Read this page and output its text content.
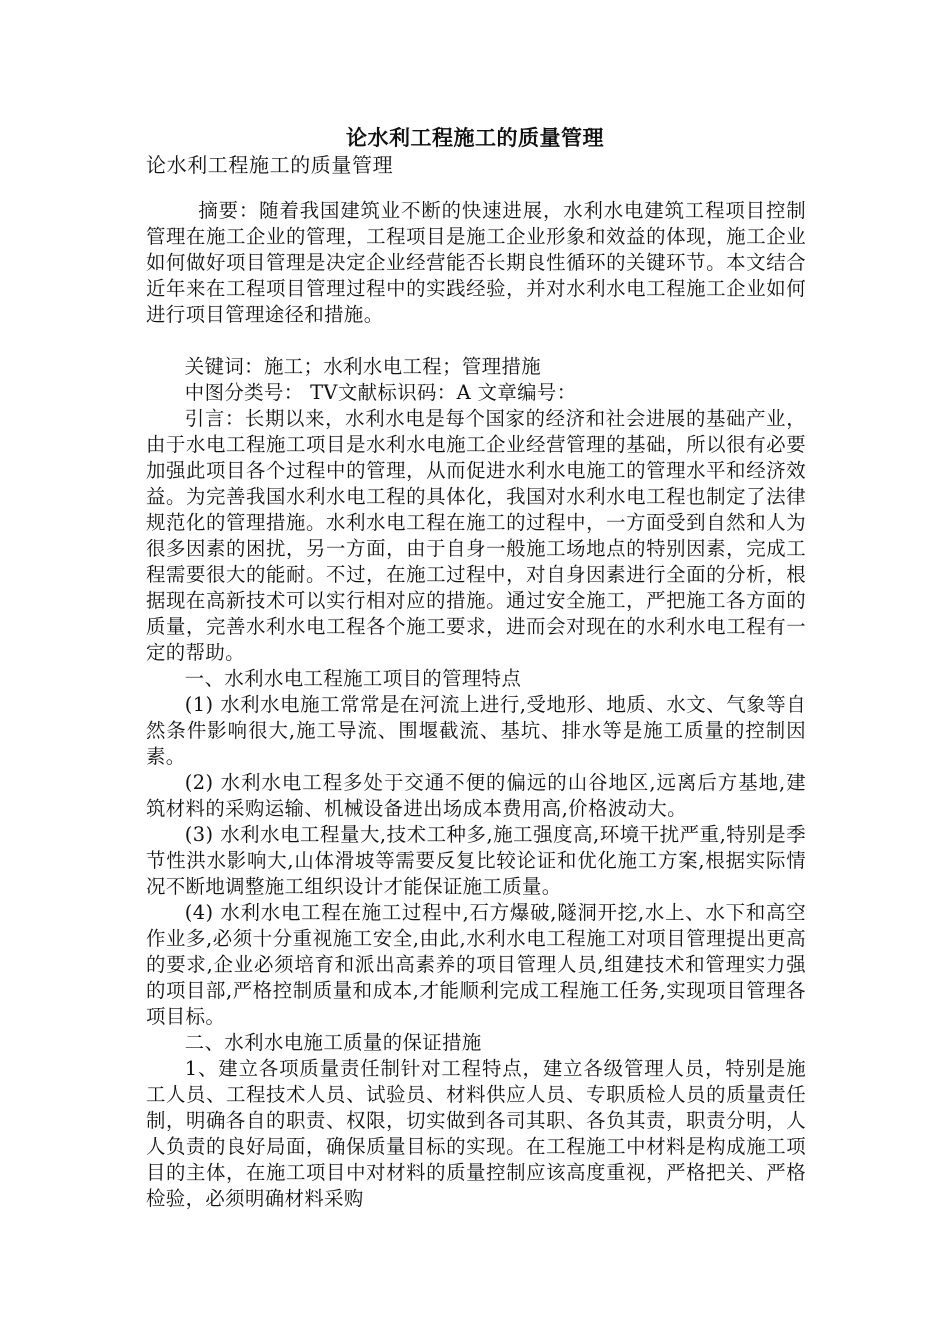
论水利工程施工的质量管理
论水利工程施工的质量管理

摘要：随着我国建筑业不断的快速进展，水利水电建筑工程项目控制管理在施工企业的管理，工程项目是施工企业形象和效益的体现，施工企业如何做好项目管理是决定企业经营能否长期良性循环的关键环节。本文结合近年来在工程项目管理过程中的实践经验，并对水利水电工程施工企业如何进行项目管理途径和措施。

关键词：施工；水利水电工程；管理措施

中图分类号： TV文献标识码：A 文章编号：

引言：长期以来，水利水电是每个国家的经济和社会进展的基础产业，由于水电工程施工项目是水利水电施工企业经营管理的基础，所以很有必要加强此项目各个过程中的管理，从而促进水利水电施工的管理水平和经济效益。为完善我国水利水电工程的具体化，我国对水利水电工程也制定了法律规范化的管理措施。水利水电工程在施工的过程中，一方面受到自然和人为很多因素的困扰，另一方面，由于自身一般施工场地点的特别因素，完成工程需要很大的能耐。不过，在施工过程中，对自身因素进行全面的分析，根据现在高新技术可以实行相对应的措施。通过安全施工，严把施工各方面的质量，完善水利水电工程各个施工要求，进而会对现在的水利水电工程有一定的帮助。

一、水利水电工程施工项目的管理特点

(1) 水利水电施工常常是在河流上进行,受地形、地质、水文、气象等自然条件影响很大,施工导流、围堰截流、基坑、排水等是施工质量的控制因素。

(2) 水利水电工程多处于交通不便的偏远的山谷地区,远离后方基地,建筑材料的采购运输、机械设备进出场成本费用高,价格波动大。

(3) 水利水电工程量大,技术工种多,施工强度高,环境干扰严重,特别是季节性洪水影响大,山体滑坡等需要反复比较论证和优化施工方案,根据实际情况不断地调整施工组织设计才能保证施工质量。

(4) 水利水电工程在施工过程中,石方爆破,隧洞开挖,水上、水下和高空作业多,必须十分重视施工安全,由此,水利水电工程施工对项目管理提出更高的要求,企业必须培育和派出高素养的项目管理人员,组建技术和管理实力强的项目部,严格控制质量和成本,才能顺利完成工程施工任务,实现项目管理各项目标。

二、水利水电施工质量的保证措施

1、建立各项质量责任制针对工程特点，建立各级管理人员，特别是施工人员、工程技术人员、试验员、材料供应人员、专职质检人员的质量责任制，明确各自的职责、权限，切实做到各司其职、各负其责，职责分明，人人负责的良好局面，确保质量目标的实现。在工程施工中材料是构成施工项目的主体，在施工项目中对材料的质量控制应该高度重视，严格把关、严格检验，必须明确材料采购
